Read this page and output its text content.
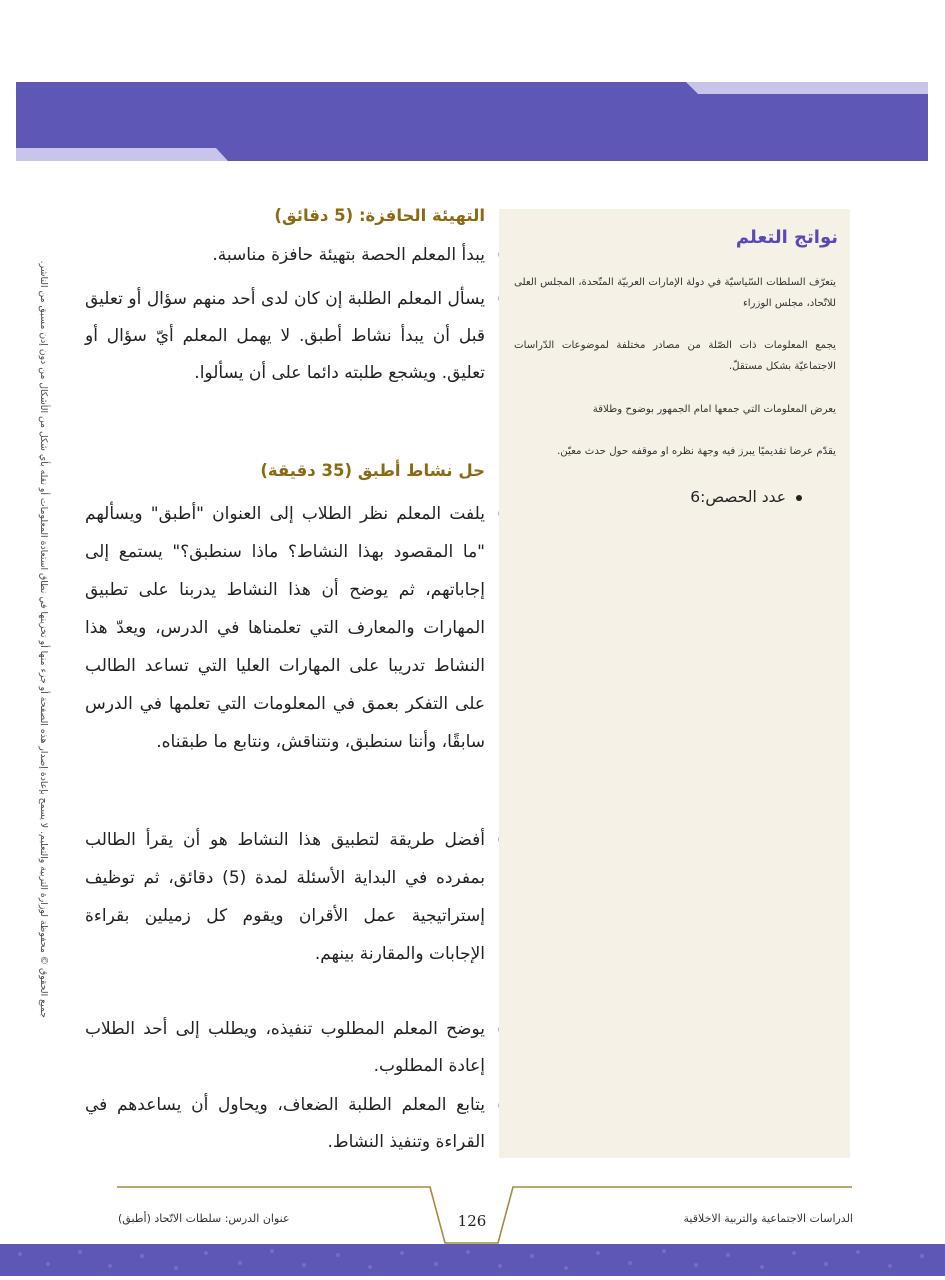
جميع الحقوق © محفوظة لوزارة التربية والتعليم. لا يسمح بإعادة إصدار هذه الصفحة أو جزء منها أو تخزينها في نطاق استعادة المعلومات أو نقله بأي شكل من الأشكال من دون إذن مسبق من الناشر.
التهيئة الحافزة: (5 دقائق)
يبدأ المعلم الحصة بتهيئة حافزة مناسبة.
يسأل المعلم الطلبة إن كان لدى أحد منهم سؤال أو تعليق قبل أن يبدأ نشاط أطبق. لا يهمل المعلم أيّ سؤال أو تعليق. ويشجع طلبته دائما على أن يسألوا.
حل نشاط أطبق (35 دقيقة)
يلفت المعلم نظر الطلاب إلى العنوان "أطبق" ويسألهم "ما المقصود بهذا النشاط؟ ماذا سنطبق؟" يستمع إلى إجاباتهم، ثم يوضح أن هذا النشاط يدربنا على تطبيق المهارات والمعارف التي تعلمناها في الدرس، ويعدّ هذا النشاط تدريبا على المهارات العليا التي تساعد الطالب على التفكر بعمق في المعلومات التي تعلمها في الدرس سابقًا، وأننا سنطبق، ونتناقش، ونتابع ما طبقناه.
أفضل طريقة لتطبيق هذا النشاط هو أن يقرأ الطالب بمفرده في البداية الأسئلة لمدة (5) دقائق، ثم توظيف إستراتيجية عمل الأقران ويقوم كل زميلين بقراءة الإجابات والمقارنة بينهم.
يوضح المعلم المطلوب تنفيذه، ويطلب إلى أحد الطلاب إعادة المطلوب.
يتابع المعلم الطلبة الضعاف، ويحاول أن يساعدهم في القراءة وتنفيذ النشاط.
نواتج التعلم
يتعرّف السلطات السّياسيّة في دولة الإمارات العربيّة المتّحدة، المجلس العلى للاتّحاد، مجلس الوزراء
يجمع المعلومات ذات الصّلة من مصادر مختلفة لموضوعات الدّراسات الاجتماعيّة بشكل مستقلّ.
يعرض المعلومات التي جمعها امام الجمهور بوضوح وطلاقة
يقدّم عرضا تقديميًا يبرز فيه وجهة نظره او موقفه حول حدث معيّن.
عدد الحصص:6
الدراسات الاجتماعية والتربية الاخلاقية
126
عنوان الدرس: سلطات الاتّحاد (أطبق)
